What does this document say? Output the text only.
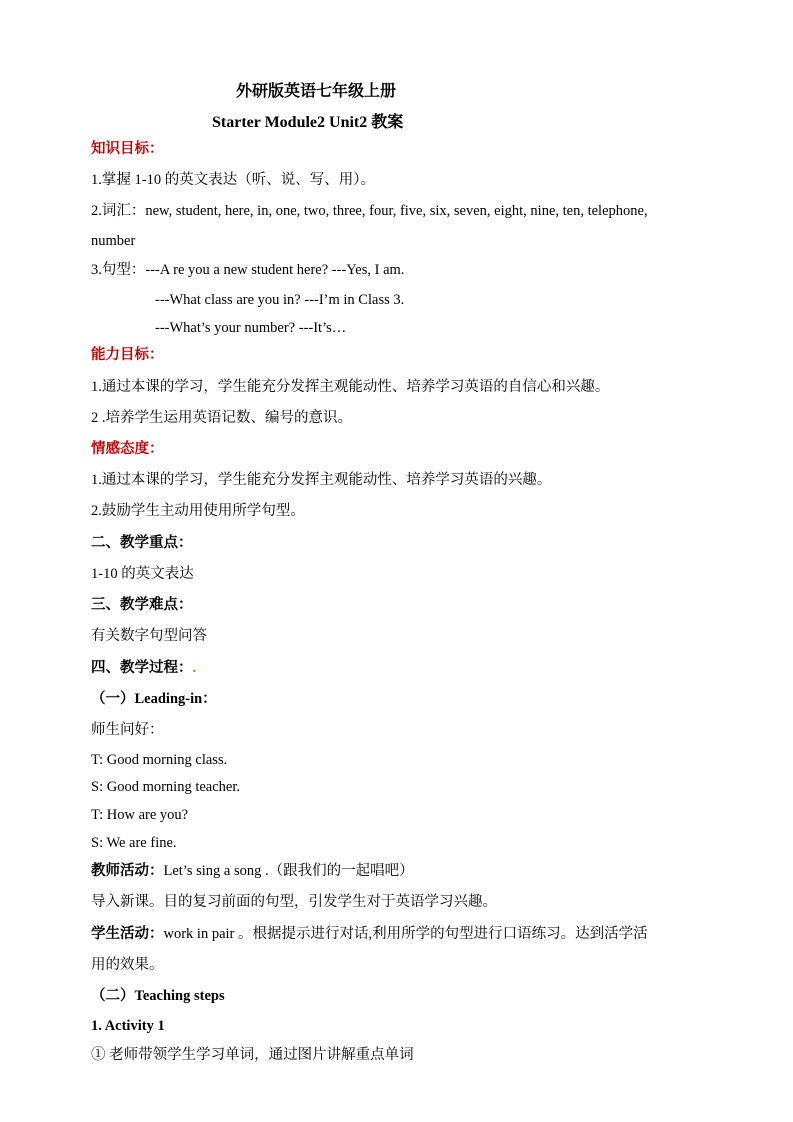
外研版英语七年级上册
Starter Module2 Unit2 教案
知识目标：
1.掌握 1-10 的英文表达（听、说、写、用）。
2.词汇：new, student, here, in, one, two, three, four, five, six, seven, eight, nine, ten, telephone,
number
3.句型：---A re you a new student here? ---Yes, I am.
---What class are you in? ---I’m in Class 3.
---What’s your number? ---It’s…
能力目标：
1.通过本课的学习，学生能充分发挥主观能动性、培养学习英语的自信心和兴趣。
2 .培养学生运用英语记数、编号的意识。
情感态度：
1.通过本课的学习，学生能充分发挥主观能动性、培养学习英语的兴趣。
2.鼓励学生主动用使用所学句型。
二、教学重点：
1-10 的英文表达
三、教学难点：
有关数字句型问答
四、教学过程：.
（一）Leading-in：
师生问好：
T: Good morning class.
S: Good morning teacher.
T: How are you?
S: We are fine.
教师活动：Let’s sing a song .（跟我们的一起唱吧）
导入新课。目的复习前面的句型，引发学生对于英语学习兴趣。
学生活动：work in pair 。根据提示进行对话,利用所学的句型进行口语练习。达到活学活
用的效果。
（二）Teaching steps
1. Activity 1
① 老师带领学生学习单词，通过图片讲解重点单词
